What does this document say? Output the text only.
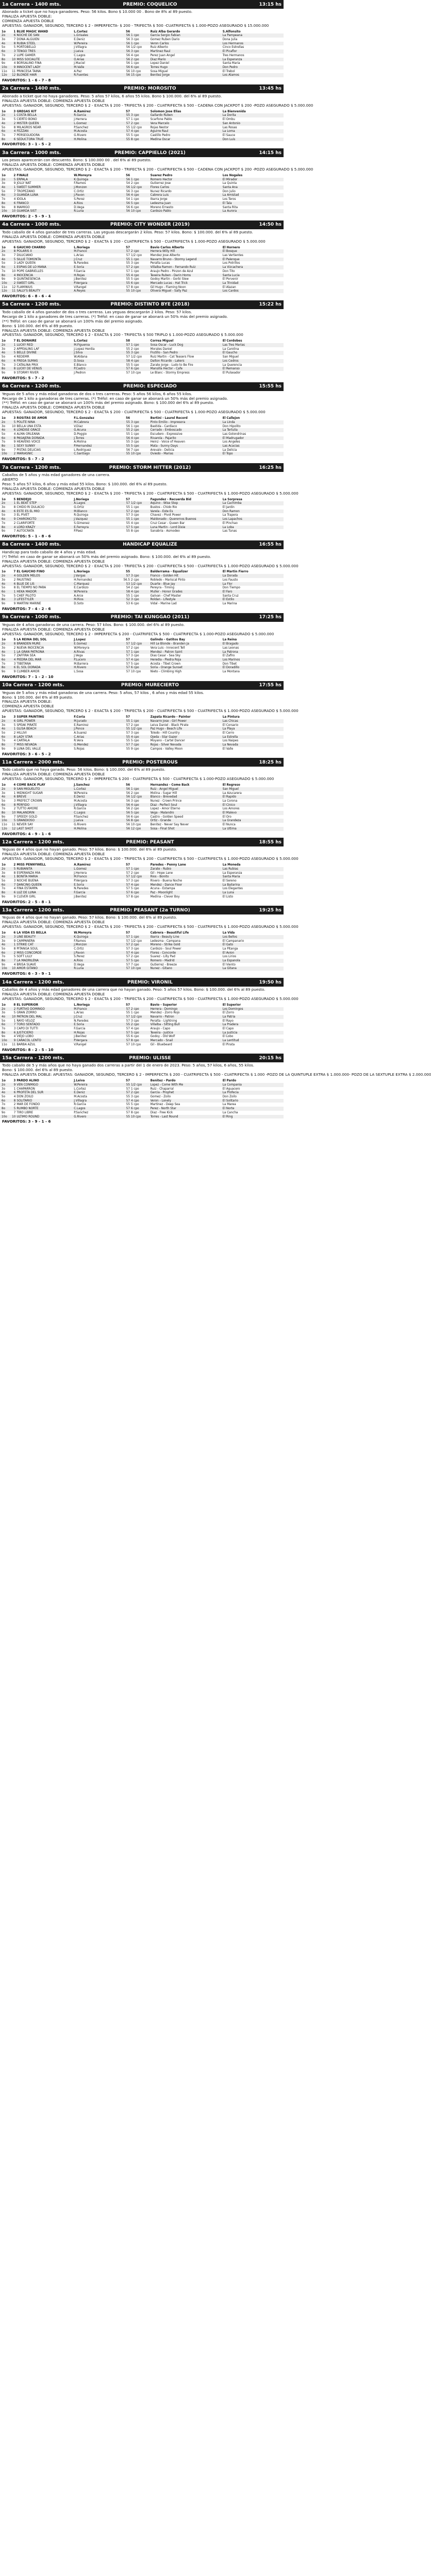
1a Carrera - 1400 mts.	PREMIO: COQUELICO	13:15 hs
Abonado a ticket que no haya ganadores. Peso: 56 kilos. Bono $ 10.000 00 . Bono de 8% al 89 puesto.
FINALIZA APUESTA DOBLE:
COMIENZA APUESTA DOBLE
APUESTAS: GANADOR, SEGUNDO, TERCERO $ 2 - IMPERFECTA- $ 200 - TRIFECTA $ 500 -CUATRIFECTA $ 1.000-POZO ASEGURADO $ 15.000.000
1o	1	BLUE MAGIC WAND	L.Cortez	56		Ruiz Alba Gerardo	S.Alfonsito
2o	6	NOCHE DE SAN	L.Grisales	56	1 cpo	Garcia Sergio Fabian	La Pampeana
3o	7	DONA ALGUIEN	E.Deniz	56	3 cpo	Gomez Ruben Dario	Dona Julia
4o	8	RUBIA STEEL	W.Pereira	56	1 cpo	Veron Carlos	Los Hermanos
5o	5	PORTOBELLO	J.Villagra	56	1/2 cpo	Ruiz Alberto	Cinco Estrellas
6o	3	TENGO TRES	J.Leiva	56	3 cpo	Martinez Raul	El Picaflor
7o	2	LUPE GAMER	C.Lagos	56	4 cpo	Perez Juan Angel	Tres Hermanos
8o	10	MISS SOCIALITE	O.Arias	56	2 cpo	Diaz Mario	La Esperanza
9o	4	BORSALINO FINA	J.Maciel	56	1 cpo	Lopez Daniel	Santa Maria
10o	9	INNOCENT LADY	M.Valle	56	6 cpo	Torres Hugo	Don Pedro
11o	11	PRINCESA TAINA	A.Paz	56	10 cpo	Sosa Miguel	El Trebol
12o	12	BLONDE HAIR	R.Fuentes	56	15 cpo	Benitez Jorge	Los Alamos
FAVORITOS: 1 - 6 - 7 - 8
2a Carrera - 1400 mts.	PREMIO: MOROSITO	13:45 hs
Abonado a ticket que no haya ganadores. Peso: 5 años 57 kilos, 6 años 55 kilos. Bono $ 100.000. del 6% al 89 puesto.
FINALIZA APUESTA DOBLE: COMIENZA APUESTA DOBLE
APUESTAS: GANADOR, SEGUNDO, TERCERO $ 2 - EXACTA $ 200 - TRIFECTA $ 200 - CUATRIFECTA $ 500 - CADENA CON JACKPOT $ 200 -POZO ASEGURADO $ 5.000.000
1o	3	GREGAS KIT	A.Ramirez	57		Solomon Jose Elias	La Bienvenida
2o	1	COSTA BELLA	R.Garcia	55	3 cpo	Gallardo Ruben	La Dorita
3o	5	CIERTO BONO	J.Herrera	57	1 cpo	Scarfone Pablo	El Ombu
4o	2	MISTER QUEEN	L.Gomez	57	2 cpo	Vera Marcelo	San Antonio
5o	8	MILAGROS NEAR	P.Sanchez	55	1/2 cpo	Rojas Nestor	Las Rosas
6o	4	FEZZAN	M.Acosta	57	4 cpo	Aguirre Raul	La Loma
7o	7	PERSEGUIDORA	G.Rivero	55	5 cpo	Castillo Pedro	El Sauce
8o	6	SEDUCTORA TRUE	H.Molina	55	8 cpo	Medina Oscar	Don Luis
FAVORITOS: 3 - 1 - 5 - 2
3a Carrera - 1000 mts.	PREMIO: CAPPIELLO (2021)	14:15 hs
Los pesos aparecerán con descuento. Bono: $ 100.000 00 . del 6% al 89 puesto.
FINALIZA APUESTA DOBLE: COMIENZA APUESTA DOBLE
APUESTAS: GANADOR, SEGUNDO, TERCERO $ 2 - EXACTA $ 200 - TRIFECTA $ 200 - CUATRIFECTA $ 500 - CADENA CON JACKPOT $ 200 -POZO ASEGURADO $ 5.000.000
1o	2	FINALE	W.Moreyra	56		Suarez Pedro	Los Nogales
2o	5	ERPALA	K.Quiroga	56	1 cpo	Romero Hector	El Mirador
3o	9	JOLLY NAT	F.Ramos	54	2 cpo	Gutierrez Jose	La Quinta
4o	1	SWEET SUMMER	J.Monzon	56	1/2 cpo	Flores Carlos	Santa Ana
5o	7	TROPEZANO	C.Ortiz	56	3 cpo	Nunez Ricardo	Don Julio
6o	3	GUANDA LUNA	J.Pavon	56	4 cpo	Cabrera Luis	La Amistad
7o	4	IDOLA	S.Perez	54	1 cpo	Ibarra Jorge	Los Teros
8o	6	FRANCO	A.Rios	56	5 cpo	Ledesma Juan	El Tala
9o	8	INAMIGO	D.Vega	56	6 cpo	Moreno Ernesto	Santa Rita
10o	10	GUARDA SIST	R.Luna	56	10 cpo	Cardozo Pablo	La Aurora
FAVORITOS: 2 - 5 - 9 - 1
4a Carrera - 1000 mts.	PREMIO: CITY WONDER (2019)	14:50 hs
Todo caballo de 4 años ganador de tres carreras. Las yeguas descargarán 2 kilos. Peso: 57 kilos. Bono: $ 100.000. del 6% al 89 puesto.
FINALIZA APUESTA DOBLE: COMIENZA APUESTA DOBLE
APUESTAS: GANADOR, SEGUNDO, TERCERO $ 2 - EXACTA $ 200 - CUATRIFECTA $ 500 - CUATRIFECTA $ 1.000-POZO ASEGURADO $ 5.000.000
1o	6	GAUCHO CHARRO	L.Noriega	57		Bavio Carlos Alberto	El Hornero
2o	8	POLARIS II	M.Franco	57	2 cpo	Herrera Willy Hill	El Bosque
3o	7	DILUCIANO	L.Arias	57	1/2 cpo	Mendez Jose Alberto	Las Vertientes
4o	5	SILLIE TOMONTA	J.Cruz	55	1 cpo	Navarro Bruno - Stormy Legend	El Palenque
5o	3	LADY QUEEN	N.Paredes	55	3 cpo	Peralta Lucas	Los Potrillos
6o	1	ESPIAS DE LO MANA	E.Soria	57	2 cpo	Villalba Ramon - Fernando Ruiz	La Vizcachera
7o	10	POPE GABRIELLES	F.Garcia	57	1 cpo	Araujo Pedro - Pinzon de Azul	Don Tito
8o	4	INOCENCIA	H.Rojas	55	4 cpo	Texeira Ruben - Darin Homs	Santa Lucia
9o	9	QUINTAESENCIA	J.Benitez	55	5 cpo	Godoy Martin - Gorbi Slew	El Porvenir
10o	2	SWEET GIRL	P.Vergara	55	6 cpo	Mercado Lucas - Hat Trick	La Trinidad
11o	12	FLAMINIUS	V.Rangel	57	8 cpo	Gil Hugo - Flaming Noon	El Alazan
12o	11	SALLY'S BEAUTY	A.Reyes	55	10 cpo	Olivera Miguel - Sally Paz	Los Cardos
FAVORITOS: 6 - 8 - 6 - 4
5a Carrera - 1200 mts.	PREMIO: DISTINTO BYE (2018)	15:22 hs
Todo caballo de 4 años ganador de dos o tres carreras. Las yeguas descargarán 2 kilos. Peso: 57 kilos.
Recargo de 1 kilo a ganadores de tres carreras. (*) Tréfol: en caso de ganar se abonará un 50% más del premio asignado.
(**) Tréfol: en caso de ganar se abonará un 100% más del premio asignado.
Bono: $ 100.000. del 6% al 89 puesto.
FINALIZA APUESTA DOBLE: COMIENZA APUESTA DOBLE
APUESTAS: GANADOR, SEGUNDO, TERCERO $ 2 - EXACTA $ 200 - TRIFECTA $ 500 TRIPLO $ 1.000-POZO ASEGURADO $ 5.000.000
1o	7	EL DONAIRE	L.Cortez	58		Correa Miguel	El Cordobes
2o	1	LUCKY RED	M.Figueroa	57	1 cpo	Sosa Oscar - Luck Dog	Las Tres Marias
3o	2	APPEALING LAF	J.Lopez Herdia	55	2 cpo	Morales Daniel	La Carolina
4o	5	BELLE DIVINE	J.Silva	55	3 cpo	Frutillo - San Pedro	El Gaucho
5o	4	REDEMR	W.Aldana	57	1/2 cpo	Ruiz Martin - Cat Teasers Flow	San Miguel
6o	6	FREGA SUMAS	D.Sosa	58	4 cpo	Dalton Ricardo - Lakers	Los Cedros
7o	3	CATALINA PRIX	E.Blanco	55	5 cpo	Zarate Jorge - Ludo to Be Fire	La Querencia
8o	8	LUCKY DE VENUS	P.Castro	57	6 cpo	Mansilla Hector - Cafe	El Remanso
9o	9	STORMY RIVER	J.Pedron	57	10 cpo	Le Blanc - Stormy Empress	El Pulseador
FAVORITOS: 5 - 7 - 2
6a Carrera - 1200 mts.	PREMIO: ESPECIADO	15:55 hs
Yeguas de 5 años y más edad ganadoras de dos o tres carreras. Peso: 5 años 56 kilos, 6 años 55 kilos.
Recargo de 1 kilo a ganadoras de tres carreras. (*) Tréfol: en caso de ganar se abonará un 50% más del premio asignado.
(**) Tréfol: en caso de ganar se abonará un 100% más del premio asignado. Bono: $ 100.000 del 6% al 89 puesto.
FINALIZA APUESTA DOBLE: COMIENZA APUESTA DOBLE
APUESTAS: GANADOR, SEGUNDO, TERCERO $ 2 - EXACTA $ 200 - CUATRIFECTA $ 500 - CUATRIFECTA $ 1.000-POZO ASEGURADO $ 5.000.000
1o	3	ROSITAS DE AMOR	F.L.Gonzalez	56		Bertini - Laurel Record	El Callejon
2o	5	POLITE NINA	M.Cabrera	55	3 cpo	Pinto Emilio - Impresora	La Linda
3o	10	BELLA UNA ESTA	V.Diaz	56	1 cpo	Bastida - Cardiaco	Don Hipolito
4o	6	LONDISE GRACE	G.Acuna	55	2 cpo	Cerrado - Emboscado	La Tertulia
5o	4	ALMA ORLEANA	D.Poggio	55	1 cpo	Escudero - Expressive	Las Golondrinas
6o	8	PASAJERA DORADA	J.Torres	56	4 cpo	Rivarola - Pajarito	El Madrugador
7o	9	HEAVENS VOICE	A.Molina	55	3 cpo	Heinz - Voice of Heaven	Los Angeles
8o	1	SEXY SUNNY	P.Hernandez	55	5 cpo	Mata - Sunny Days	Las Acacias
9o	7	PISTAS DELICIAS	L.Rodriguez	56	7 cpo	Arevalo - Delicia	La Delicia
10o	2	MARIASNIC	C.Santiago	55	10 cpo	Oviedo - Marias	El Topo
FAVORITOS: 5 - 7 - 2
7a Carrera - 1200 mts.	PREMIO: STORM HITTER (2012)	16:25 hs
Caballos de 5 años y más edad ganadores de una carrera.
ABIERTO
Peso: 5 años 57 kilos, 6 años y más edad 55 kilos. Bono: $ 100.000. del 6% al 89 puesto.
FINALIZA APUESTA DOBLE: COMIENZA APUESTA DOBLE
APUESTAS: GANADOR, SEGUNDO, TERCERO $ 2 - EXACTA $ 200 - TRIFECTA $ 200 - CUATRIFECTA $ 500 - CUATRIFECTA $ 1.000-POZO ASEGURADO $ 5.000.000
1o	5	BENDEJO	J.Noriega	57		Fagundez - Recuerda Bid	La Sorpresa
2o	1	EL BEAT STEP	A.Lagos	57	1/2 cpo	Aquino - Wise Step	La Cachimba
3o	8	CHIDO RI DULACIO	G.Ortiz	55	1 cpo	Bustos - Chido Rio	El Jardin
4o	6	ESTE ES EL MIO	M.Blanco	57	2 cpo	Varela - Este Es	Don Ramon
5o	3	EL PIVET	R.Quiroga	57	3 cpo	Chavez - Pivot Power	La Trapera
6o	9	CHARONCITO	J.Vazquez	55	1 cpo	Maldonado - Querernos Buenos	Los Lapachos
7o	2	CLARIFORTE	S.Gimenez	55	4 cpo	Cruz Cesar - Queen Bar	El Pinchao
8o	4	LORD KRAZY	E.Ferreyra	57	5 cpo	Luna Martin - Lord Dixie	La Loba
9o	7	AUTOCRATA	P.Paez	55	8 cpo	Sanabria - Asmodeo	Las Tunas
FAVORITOS: 5 - 1 - 8 - 6
8a Carrera - 1400 mts.	HANDICAP EQUALIZE	16:55 hs
Handicap para todo caballo de 4 años y más edad.
(*) Tréfol: en caso de ganar se abonará un 50% más del premio asignado. Bono: $ 100.000. del 6% al 89 puesto.
FINALIZA APUESTA DOBLE: COMIENZA APUESTA DOBLE
APUESTAS: GANADOR, SEGUNDO, TERCERO $ 2 - EXACTA $ 200 - TRIFECTA $ 200 - CUATRIFECTA $ 500 - CUATRIFECTA $ 1.000-POZO ASEGURADO $ 5.000.000
1o	7	EL GAUCHO FINO	L.Noriega	55		Balderrama - Equalizer	El Martin Fierro
2o	4	GOLDEN MELOS	J.Vargas	57	3 cpo	Franco - Golden Hit	La Dorada
3o	2	FAUSTINO	H.Fernandez	56.5	2 cpo	Robledo - Mariscal Pinto	Los Fausto
4o	6	BLUE DE LIS	C.Marquez	53	1/2 cpo	Duarte - Blue Jay	La Flor
5o	8	EL TIEMPO NO PARA	E.Cardozo	54	2 cpo	Pereyra - Timing	Don Tiempo
6o	1	HEKA MADOR	W.Pereira	58	4 cpo	Muller - Honor Grades	El Faro
7o	5	CHEF PILOTO	A.Arce	55	1 cpo	Galvan - Chef Master	Santa Cruz
8o	3	LIFESTYLER	M.Rios	52	3 cpo	Roldan - Lifestyle	El Estilo
9o	9	MARTINI MARINE	D.Soto	53	6 cpo	Vidal - Marine Lad	La Marina
FAVORITOS: 7 - 4 - 2 - 6
9a Carrera - 1000 mts.	PREMIO: TAI KUNGGAO (2011)	17:25 hs
Yeguas de 4 años ganadoras de una carrera. Peso: 57 kilos. Bono: $ 100.000. del 6% al 89 puesto.
FINALIZA APUESTA DOBLE: COMIENZA APUESTA DOBLE
APUESTAS: GANADOR, SEGUNDO, TERCERO $ 2 - IMPERFECTA $ 200 - CUATRIFECTA $ 500 - CUATRIFECTA $ 1.000-POZO ASEGURADO $ 5.000.000
1o	5	LA REINA DEL SOL	J.Lopez	57		Galindo - Gatitos Bay	La Reina
2o	8	BRANDEN MURE	E.Gomez	57	1/2 cpo	Hill Le Blonde - Branden Ja	El Bragado
3o	2	NUEVA INOCENCIA	W.Moreyra	57	2 cpo	Vera Luis - Innocent Tell	Las Leonas
4o	1	LA GRAN PATRONA	A.Rivas	57	1 cpo	Mendez - Patron Saint	La Patrona
5o	7	ZAFFIRA SEA	J.Vega	57	3 cpo	Dias Cesar - Sea Sky	El Zafiro
6o	4	PIEDRA DEL MAR	P.Lucero	57	4 cpo	Heredia - Piedra Roja	Los Marinos
7o	3	TIBETANA	M.Barrera	57	5 cpo	Acosta - Tibet Crown	Don Tibet
8o	6	EL SOL DORADA	H.Rivero	57	6 cpo	Soria - Orange Sunset	El Doradillo
9o	9	CLIMBER AMOR	L.Sosa	57	10 cpo	Nieto - Climbing High	La Montana
FAVORITOS: 7 - 1 - 2 - 10
10a Carrera - 1200 mts.	PREMIO: MURECIERTO	17:55 hs
Yeguas de 5 años y más edad ganadoras de una carrera. Peso: 5 años, 57 kilos , 6 años y más edad 55 kilos.
Bono: $ 100.000. del 6% al 89 puesto.
FINALIZA APUESTA DOBLE:
COMIENZA APUESTA DOBLE
APUESTAS: GANADOR, SEGUNDO, TERCERO $ 2 - EXACTA $ 200 - TRIFECTA $ 200 - CUATRIFECTA $ 500 - CUATRIFECTA $ 1.000-POZO ASEGURADO $ 5.000.000
1o	3	SUPER PAINTING	F.Coria	57		Zapata Ricardo - Painter	La Pintura
2o	6	GIRL POWER	M.Jurado	55	1 cpo	Navarro Jose - Girl Power	Las Chicas
3o	5	SPEAK PIRATE	E.Ramirez	57	2 cpo	Leiva Daniel - Black Pirate	El Corsario
4o	1	GLISA BEACH	J.Ponce	55	1/2 cpo	Paz Hugo - Beach Life	La Playa
5o	2	HILLIVI	A.Suarez	57	3 cpo	Toledo - Hill Country	El Cerro
6o	8	LADY STAR	C.Arias	55	4 cpo	Ojeda - Star Gazer	La Estrella
7o	4	CARTALA	R.Vera	55	5 cpo	Moyano - Cartel Dancer	Los Naipes
8o	7	MISS NEVADA	G.Mendez	57	7 cpo	Rojas - Silver Nevada	La Nevada
9o	9	LUNA DEL VALLE	S.Rojas	55	9 cpo	Campos - Valley Moon	El Valle
FAVORITOS: 3 - 6 - 5 - 2
11a Carrera - 2000 mts.	PREMIO: POSTEROUS	18:25 hs
Todo caballo que no haya ganado. Peso: 56 kilos. Bono: $ 100.000. del 6% al 89 puesto.
FINALIZA APUESTA DOBLE: COMIENZA APUESTA DOBLE
APUESTAS: GANADOR, SEGUNDO, TERCERO $ 2 - IMPERFECTA $ 200 - CUATRIFECTA $ 500 - CUATRIFECTA $ 1.000-POZO ASEGURADO $ 5.000.000
1o	4	COME BACK PLAY	J.Sanchez	56		Hernandez - Come Back	El Regreso
2o	9	SAN MIGUELITO	L.Cortez	56	1 cpo	Ruiz - Angel Miguel	San Miguel
3o	1	MIDNIGHT SUGAR	W.Pereira	56	2 cpo	Molina - Sugar Hill	La Azucarera
4o	6	BREVE	E.Deniz	56	1/2 cpo	Blanco - Brevedad	El Rapido
5o	3	PREFECT CROWN	M.Acosta	56	3 cpo	Nunez - Crown Prince	La Corona
6o	8	PERFIDO	J.Villagra	56	4 cpo	Diaz - Perfect Soul	El Cinico
7o	2	TUTTO AMORE	R.Garcia	56	2 cpo	Lopez - Amor Eterno	Los Amores
8o	10	MALANDRIN	C.Lagos	56	5 cpo	Vega - Malandro	El Malevo
9o	7	SPEEDY GOLD	P.Sanchez	56	6 cpo	Castro - Golden Speed	El Oro
10o	5	GRANDIOSO	J.Leiva	56	8 cpo	Ortiz - Grande	La Grandeza
11o	11	NEVER SAY	G.Rivero	56	10 cpo	Benitez - Never Say Never	El Nunca
12o	12	LAST SHOT	H.Molina	56	12 cpo	Sosa - Final Shot	La Ultima
FAVORITOS: 4 - 9 - 1 - 6
12a Carrera - 1200 mts.	PREMIO: PEASANT	18:55 hs
Yeguas de 4 años que no hayan ganado. Peso: 57 kilos. Bono: $ 100.000. del 6% al 89 puesto.
FINALIZA APUESTA DOBLE: COMIENZA APUESTA DOBLE
APUESTAS: GANADOR, SEGUNDO, TERCERO $ 2 - EXACTA $ 200 - TRIFECTA $ 200 - CUATRIFECTA $ 500 - CUATRIFECTA $ 1.000-POZO ASEGURADO $ 5.000.000
1o	2	MISS PENNYWELL	A.Ramirez	57		Paredes - Penny Lane	La Moneda
2o	5	RUBIANITA	L.Gomez	57	1 cpo	Zarate - Rubio	Las Rubias
3o	8	ESPERANZA MIA	J.Herrera	57	2 cpo	Gil - Hope Lane	La Esperanza
4o	1	BONITA MARIA	M.Franco	57	1/2 cpo	Rios - Bonito	Santa Maria
5o	3	NOCHE BUENA	P.Vergara	57	3 cpo	Rivero - Buena Noche	El Sereno
6o	7	DANCING QUEEN	E.Soria	57	4 cpo	Mendez - Dance Floor	La Bailarina
7o	4	FINA ESTAMPA	N.Paredes	57	5 cpo	Acuna - Estampa	Los Elegantes
8o	6	LUZ DE LUNA	F.Garcia	57	6 cpo	Paz - Moonlight	La Luna
9o	9	CLEVER GIRL	J.Benitez	57	8 cpo	Medina - Clever Boy	El Listo
FAVORITOS: 2 - 5 - 8 - 1
13a Carrera - 1200 mts.	PREMIO: PEASANT (2a TURNO)	19:25 hs
Yeguas de 4 años que no hayan ganado. Peso: 57 kilos. Bono: $ 100.000. del 6% al 89 puesto.
FINALIZA APUESTA DOBLE: COMIENZA APUESTA DOBLE
APUESTAS: GANADOR, SEGUNDO, TERCERO $ 2 - EXACTA $ 200 - TRIFECTA $ 200 - CUATRIFECTA $ 500 - CUATRIFECTA $ 1.000-POZO ASEGURADO $ 5.000.000
1o	6	LA VIDA ES BELLA	W.Moreyra	57		Cabrera - Beautiful Life	La Vida
2o	3	LINE BEAUTY	K.Quiroga	57	1 cpo	Ibarra - Beauty Line	Los Bellos
3o	9	CAMPANERA	F.Ramos	57	1/2 cpo	Ledesma - Campana	El Campanario
4o	1	STRIKE CAT	J.Monzon	57	2 cpo	Moreno - Strike Gold	El Gato
5o	8	PITANGA SOUL	C.Ortiz	57	3 cpo	Cardozo - Soul Power	La Pitanga
6o	2	MISS CONCORDE	J.Pavon	57	4 cpo	Flores - Concorde	El Avion
7o	5	SOFT LILLY	S.Perez	57	2 cpo	Suarez - Lilly Pad	Los Lirios
8o	7	LA MADRILENA	A.Rios	57	5 cpo	Romero - Madrid	La Espanola
9o	4	BRISA SUAVE	D.Vega	57	7 cpo	Gutierrez - Breeze	El Viento
10o	10	AMOR GITANO	R.Luna	57	10 cpo	Nunez - Gitano	La Gitana
FAVORITOS: 6 - 3 - 9 - 1
14a Carrera - 1200 mts.	PREMIO: VIRONIL	19:50 hs
Caballos de 4 años y más edad ganadores de una carrera que no hayan ganado. Peso: 5 años 57 kilos. Bono: $ 100.000. del 6% al 89 puesto.
FINALIZA APUESTA DOBLE: COMIENZA APUESTA DOBLE
APUESTAS: GANADOR, SEGUNDO, TERCERO $ 2 - EXACTA $ 200 - TRIFECTA $ 200 - CUATRIFECTA $ 500 - CUATRIFECTA $ 1.000-POZO ASEGURADO $ 5.000.000
1o	8	EL SUPERIOR	L.Noriega	57		Bavio - Superior	El Superior
2o	2	FURTIVO DOMINGO	M.Franco	57	2 cpo	Herrera - Domingo	Los Domingos
3o	5	GRAN ZORRO	L.Arias	55	1 cpo	Mendez - Zorro Rojo	El Zorro
4o	10	PATRON DEL MAL	J.Cruz	57	1/2 cpo	Navarro - Patron	La Patria
5o	1	RAYO VELOZ	N.Paredes	57	3 cpo	Peralta - Lightning	El Rayo
6o	7	TORO SENTADO	E.Soria	55	2 cpo	Villalba - Sitting Bull	La Pradera
7o	3	CAPO DI TUTTI	F.Garcia	57	4 cpo	Araujo - Capo	El Capo
8o	6	JUSTICIERO	H.Rojas	57	5 cpo	Texeira - Justice	La Justicia
9o	4	VIEJO LOBO	J.Benitez	55	6 cpo	Godoy - Old Wolf	El Lobo
10o	9	CARACOL LENTO	P.Vergara	57	8 cpo	Mercado - Snail	La Lentitud
11o	11	BARBA AZUL	V.Rangel	57	10 cpo	Gil - Bluebeard	El Pirata
FAVORITOS: 8 - 2 - 5 - 10
15a Carrera - 1200 mts.	PREMIO: ULISSE	20:15 hs
Todo caballo de 5 y más años que no haya ganado dos carreras a partir del 1 de enero de 2023. Peso: 5 años, 57 kilos, 6 años, 55 kilos.
Bono: $ 100.000. del 6% al 89 puesto.
FINALIZA APUESTA DOBLE: APUESTAS: GANADOR, SEGUNDO, TERCERO $ 2 - IMPERFECTA $ 200 - CUATRIFECTA $ 500 - CUATRIFECTA $ 1.000 -POZO DE LA QUINTUPLE EXTRA $ 1.000.000- POZO DE LA SEXTUPLE EXTRA $ 2.000.000
1o	3	PARDO ALINO	J.Leiva	57		Benitez - Pardo	El Pardo
2o	9	VEN CONMIGO	W.Pereira	55	1/2 cpo	Lopez - Come With Me	La Compania
3o	1	CHAPARRON	L.Cortez	57	1 cpo	Ruiz - Chaparral	El Aguacero
4o	6	PROFETA DEL SUR	E.Deniz	57	2 cpo	Garcia - Prophet	La Profecia
5o	4	DON ZOILO	M.Acosta	55	3 cpo	Gomez - Zoilo	Don Zoilo
6o	8	SOLITARIO	J.Villagra	57	4 cpo	Veron - Lonely	El Solitario
7o	2	MAR DE FONDO	R.Garcia	55	5 cpo	Martinez - Deep Sea	La Marea
8o	5	RUMBO NORTE	C.Lagos	57	6 cpo	Perez - North Star	El Norte
9o	7	TIRO LIBRE	P.Sanchez	57	8 cpo	Diaz - Free Kick	La Cancha
10o	10	ULTIMO ROUND	G.Rivero	55	10 cpo	Torres - Last Round	El Ring
FAVORITOS: 3 - 9 - 1 - 6
